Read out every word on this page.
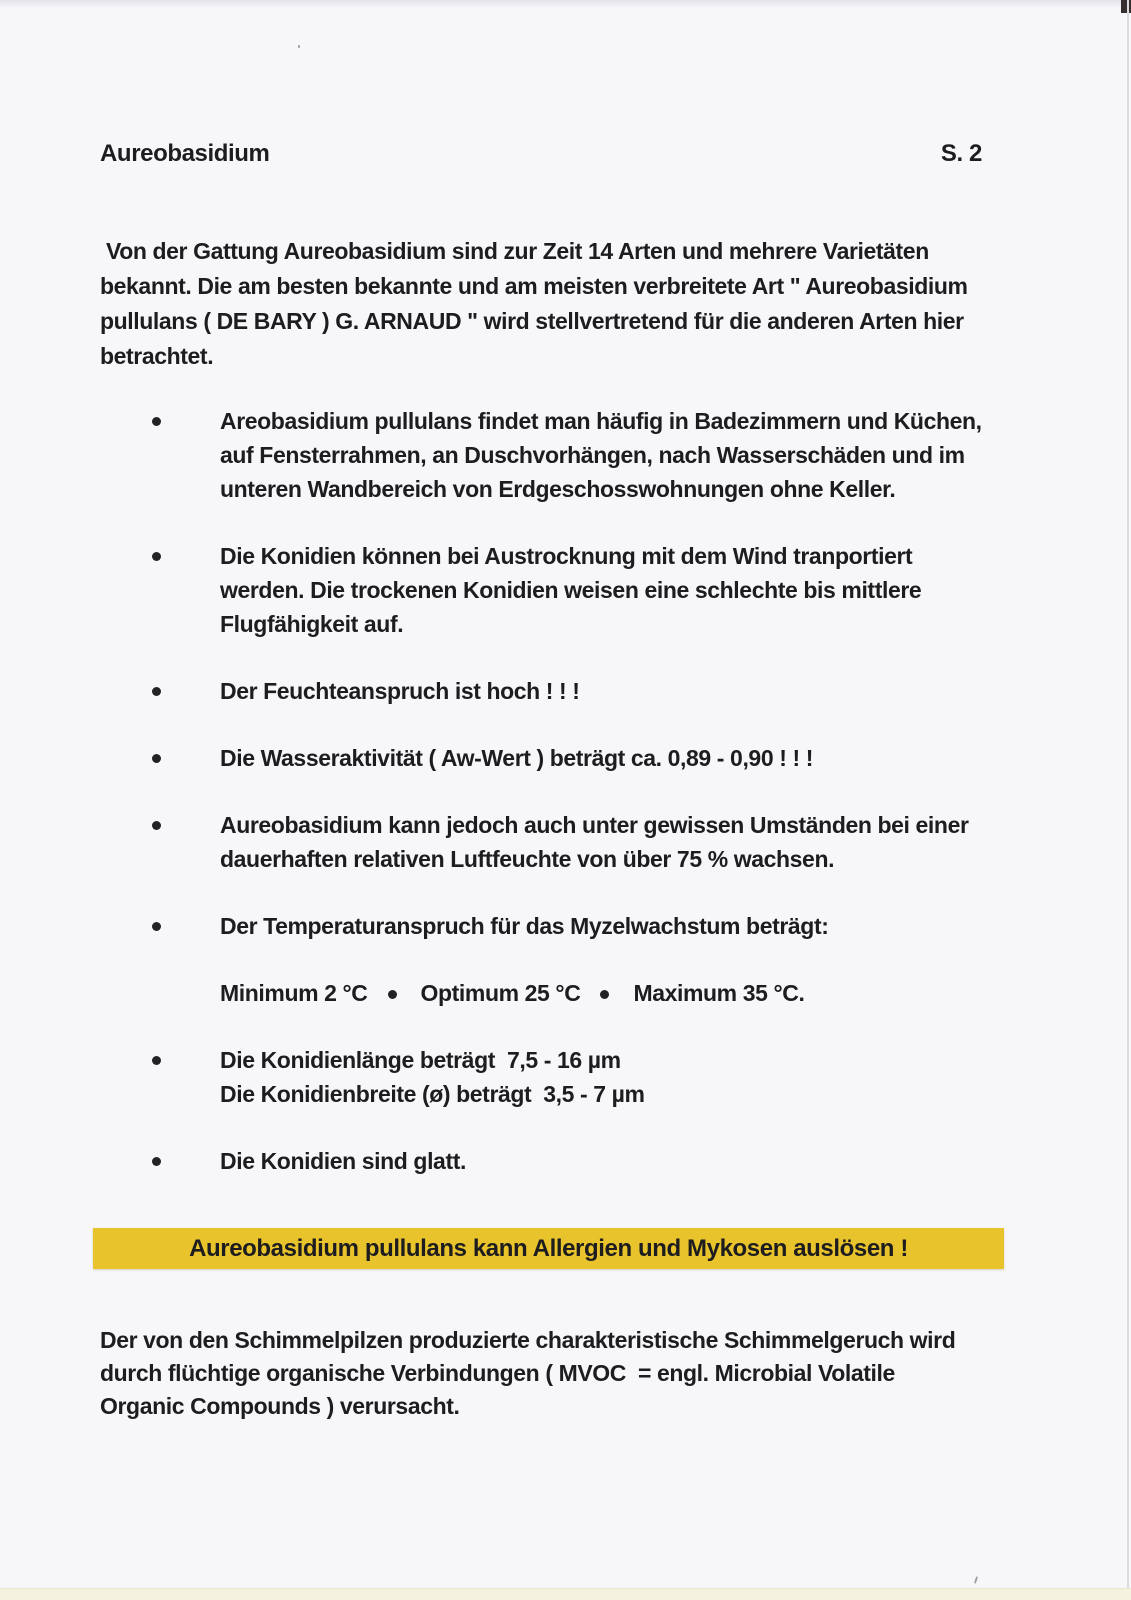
Aureobasidium	S. 2
Von der Gattung Aureobasidium sind zur Zeit 14 Arten und mehrere Varietäten
bekannt. Die am besten bekannte und am meisten verbreitete Art " Aureobasidium
pullulans ( DE BARY ) G. ARNAUD " wird stellvertretend für die anderen Arten hier
betrachtet.
Areobasidium pullulans findet man häufig in Badezimmern und Küchen,
auf Fensterrahmen, an Duschvorhängen, nach Wasserschäden und im
unteren Wandbereich von Erdgeschosswohnungen ohne Keller.
Die Konidien können bei Austrocknung mit dem Wind tranportiert
werden. Die trockenen Konidien weisen eine schlechte bis mittlere
Flugfähigkeit auf.
Der Feuchteanspruch ist hoch ! ! !
Die Wasseraktivität ( Aw-Wert ) beträgt ca. 0,89 - 0,90 ! ! !
Aureobasidium kann jedoch auch unter gewissen Umständen bei einer
dauerhaften relativen Luftfeuchte von über 75 % wachsen.
Der Temperaturanspruch für das Myzelwachstum beträgt:
Minimum 2 °C Optimum 25 °C Maximum 35 °C.
Die Konidienlänge beträgt  7,5 - 16 µm
Die Konidienbreite (ø) beträgt  3,5 - 7 µm
Die Konidien sind glatt.
Aureobasidium pullulans kann Allergien und Mykosen auslösen !
Der von den Schimmelpilzen produzierte charakteristische Schimmelgeruch wird
durch flüchtige organische Verbindungen ( MVOC  = engl. Microbial Volatile
Organic Compounds ) verursacht.
